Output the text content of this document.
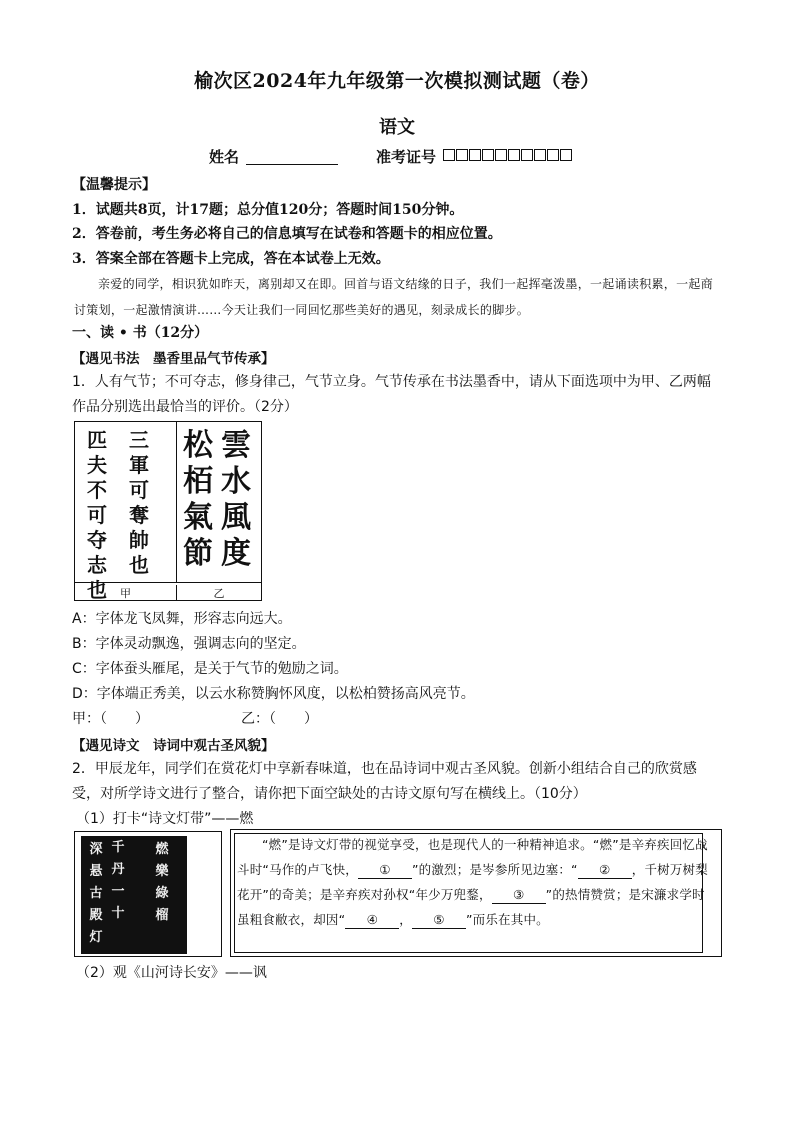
榆次区2024年九年级第一次模拟测试题（卷）
语文
姓名	准考证号
【温馨提示】
1．试题共8页，计17题；总分值120分；答题时间150分钟。
2．答卷前，考生务必将自己的信息填写在试卷和答题卡的相应位置。
3．答案全部在答题卡上完成，答在本试卷上无效。
亲爱的同学，相识犹如昨天，离别却又在即。回首与语文结缘的日子，我们一起挥毫泼墨，一起诵读积累，一起商讨策划，一起激情演讲……今天让我们一同回忆那些美好的遇见，刻录成长的脚步。
一、读 • 书（12分）
【遇见书法　墨香里品气节传承】
1．人有气节；不可夺志，修身律己，气节立身。气节传承在书法墨香中，请从下面选项中为甲、乙两幅作品分别选出最恰当的评价。（2分）
三
軍
可
奪
帥
也
匹
夫
不
可
夺
志
也
雲
水
風
度
松
栢
氣
節
甲	乙
A：字体龙飞凤舞，形容志向远大。
B：字体灵动飘逸，强调志向的坚定。
C：字体蚕头雁尾，是关于气节的勉励之词。
D：字体端正秀美，以云水称赞胸怀风度，以松柏赞扬高风亮节。
甲：（　　）	乙：（　　）
【遇见诗文　诗词中观古圣风貌】
2．甲辰龙年，同学们在赏花灯中享新春味道，也在品诗词中观古圣风貌。创新小组结合自己的欣赏感受，对所学诗文进行了整合，请你把下面空缺处的古诗文原句写在横线上。（10分）
（1）打卡“诗文灯带”——燃
深
悬
古
殿
灯
千
丹
一
十
燃
樂
綠
榴
“燃”是诗文灯带的视觉享受，也是现代人的一种精神追求。“燃”是辛弃疾回忆战斗时“马作的卢飞快， ① ”的激烈；是岑参所见边塞：“ ② ，千树万树梨花开”的奇美；是辛弃疾对孙权“年少万兜鍪， ③ ”的热情赞赏；是宋濂求学时虽粗食敝衣，却因“ ④ ， ⑤ ”而乐在其中。
（2）观《山河诗长安》——讽
